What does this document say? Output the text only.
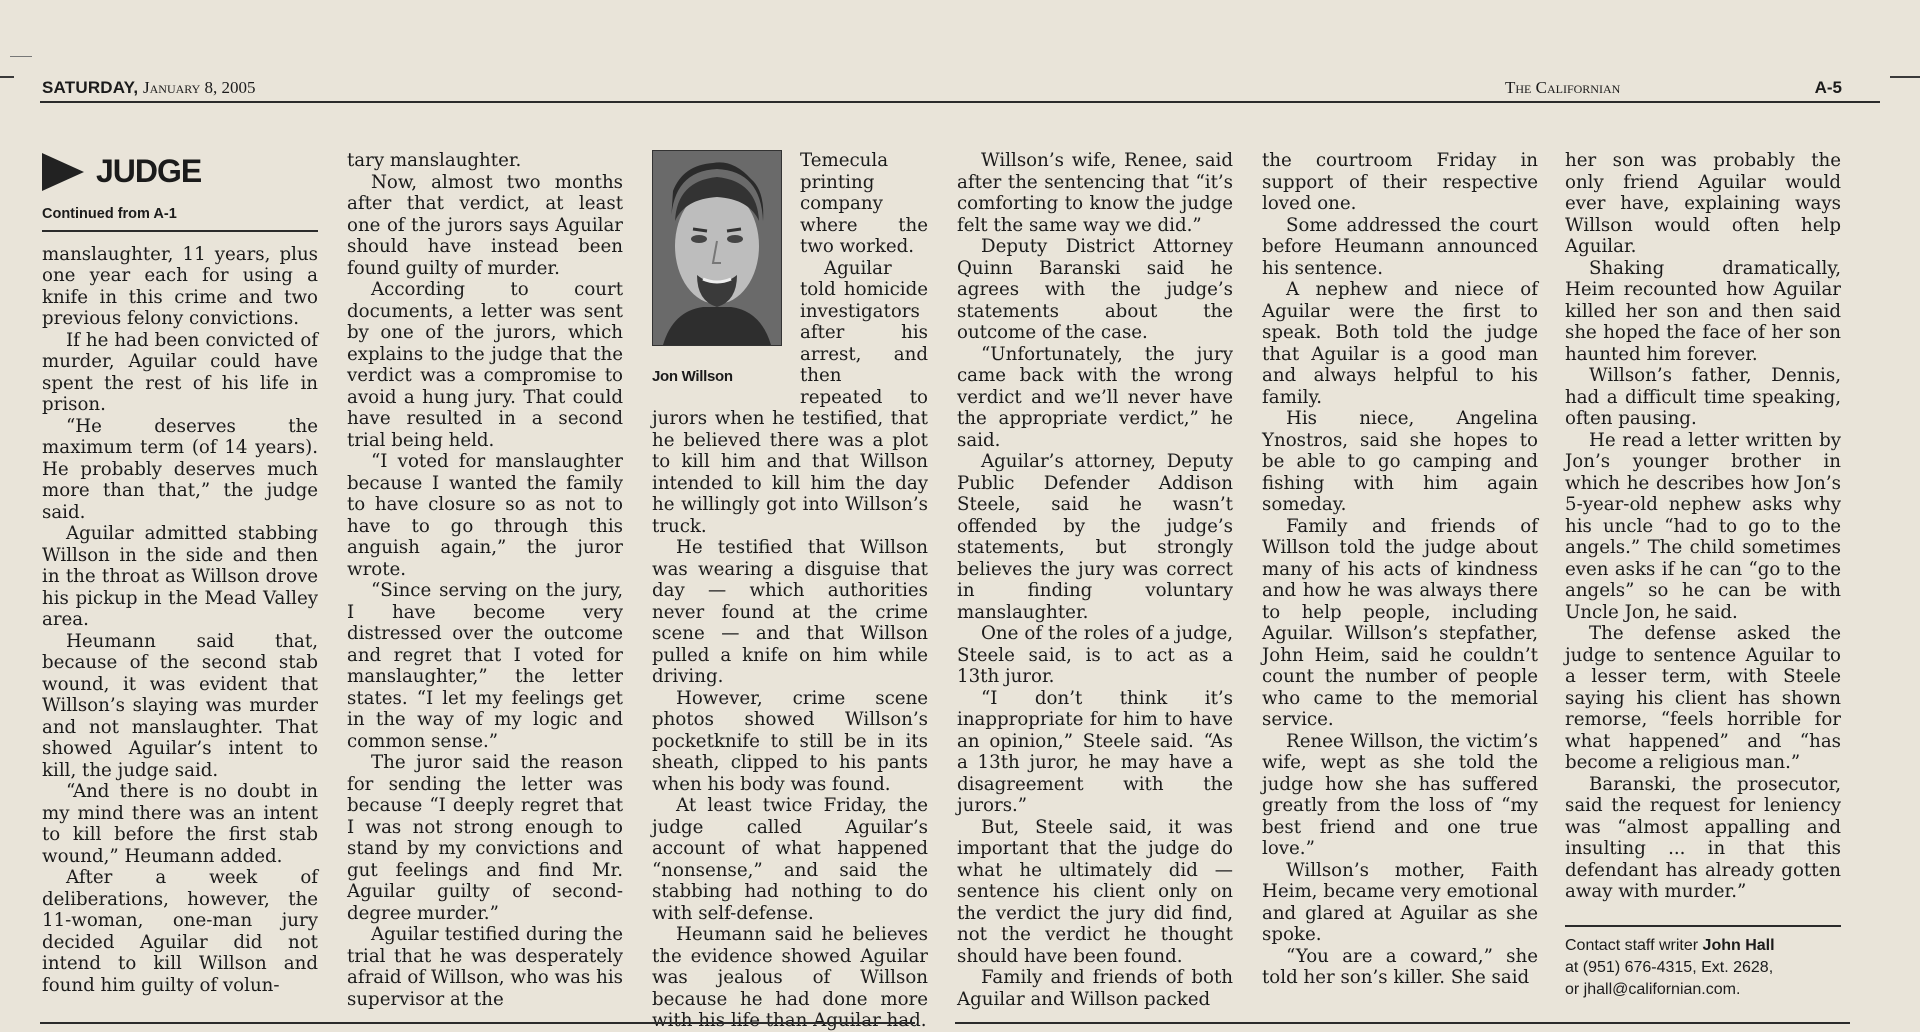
SATURDAY, January 8, 2005	The Californian	A-5
JUDGE
Continued from A-1

manslaughter, 11 years, plus one year each for using a knife in this crime and two previous felony convictions.

If he had been convicted of murder, Aguilar could have spent the rest of his life in prison.

“He deserves the maximum term (of 14 years). He probably deserves much more than that,” the judge said.

Aguilar admitted stabbing Willson in the side and then in the throat as Willson drove his pickup in the Mead Valley area.

Heumann said that, because of the second stab wound, it was evident that Willson’s slaying was murder and not manslaughter. That showed Aguilar’s intent to kill, the judge said.

“And there is no doubt in my mind there was an intent to kill before the first stab wound,” Heumann added.

After a week of deliberations, however, the 11-woman, one-man jury decided Aguilar did not intend to kill Willson and found him guilty of volun-

tary manslaughter.

Now, almost two months after that verdict, at least one of the jurors says Aguilar should have instead been found guilty of murder.

According to court documents, a letter was sent by one of the jurors, which explains to the judge that the verdict was a compromise to avoid a hung jury. That could have resulted in a second trial being held.

“I voted for manslaughter because I wanted the family to have closure so as not to have to go through this anguish again,” the juror wrote.

“Since serving on the jury, I have become very distressed over the outcome and regret that I voted for manslaughter,” the letter states. “I let my feelings get in the way of my logic and common sense.”

The juror said the reason for sending the letter was because “I deeply regret that I was not strong enough to stand by my convictions and gut feelings and find Mr. Aguilar guilty of second-degree murder.”

Aguilar testified during the trial that he was desperately afraid of Willson, who was his supervisor at the

Jon Willson

Temecula printing company where the two worked.

Aguilar told homicide investigators after his arrest, and then repeated to jurors when he testified, that he believed there was a plot to kill him and that Willson intended to kill him the day he willingly got into Willson’s truck.

He testified that Willson was wearing a disguise that day — which authorities never found at the crime scene — and that Willson pulled a knife on him while driving.

However, crime scene photos showed Willson’s pocketknife to still be in its sheath, clipped to his pants when his body was found.

At least twice Friday, the judge called Aguilar’s account of what happened “nonsense,” and said the stabbing had nothing to do with self-defense.

Heumann said he believes the evidence showed Aguilar was jealous of Willson because he had done more with his life than Aguilar had.

Willson’s wife, Renee, said after the sentencing that “it’s comforting to know the judge felt the same way we did.”

Deputy District Attorney Quinn Baranski said he agrees with the judge’s statements about the outcome of the case.

“Unfortunately, the jury came back with the wrong verdict and we’ll never have the appropriate verdict,” he said.

Aguilar’s attorney, Deputy Public Defender Addison Steele, said he wasn’t offended by the judge’s statements, but strongly believes the jury was correct in finding voluntary manslaughter.

One of the roles of a judge, Steele said, is to act as a 13th juror.

“I don’t think it’s inappropriate for him to have an opinion,” Steele said. “As a 13th juror, he may have a disagreement with the jurors.”

But, Steele said, it was important that the judge do what he ultimately did — sentence his client only on the verdict the jury did find, not the verdict he thought should have been found.

Family and friends of both Aguilar and Willson packed

the courtroom Friday in support of their respective loved one.

Some addressed the court before Heumann announced his sentence.

A nephew and niece of Aguilar were the first to speak. Both told the judge that Aguilar is a good man and always helpful to his family.

His niece, Angelina Ynostros, said she hopes to be able to go camping and fishing with him again someday.

Family and friends of Willson told the judge about many of his acts of kindness and how he was always there to help people, including Aguilar. Willson’s stepfather, John Heim, said he couldn’t count the number of people who came to the memorial service.

Renee Willson, the victim’s wife, wept as she told the judge how she has suffered greatly from the loss of “my best friend and one true love.”

Willson’s mother, Faith Heim, became very emotional and glared at Aguilar as she spoke.

“You are a coward,” she told her son’s killer. She said

her son was probably the only friend Aguilar would ever have, explaining ways Willson would often help Aguilar.

Shaking dramatically, Heim recounted how Aguilar killed her son and then said she hoped the face of her son haunted him forever.

Willson’s father, Dennis, had a difficult time speaking, often pausing.

He read a letter written by Jon’s younger brother in which he describes how Jon’s 5-year-old nephew asks why his uncle “had to go to the angels.” The child sometimes even asks if he can “go to the angels” so he can be with Uncle Jon, he said.

The defense asked the judge to sentence Aguilar to a lesser term, with Steele saying his client has shown remorse, “feels horrible for what happened” and “has become a religious man.”

Baranski, the prosecutor, said the request for leniency was “almost appalling and insulting ... in that this defendant has already gotten away with murder.”

Contact staff writer John Hall
at (951) 676-4315, Ext. 2628,
or jhall@californian.com.
